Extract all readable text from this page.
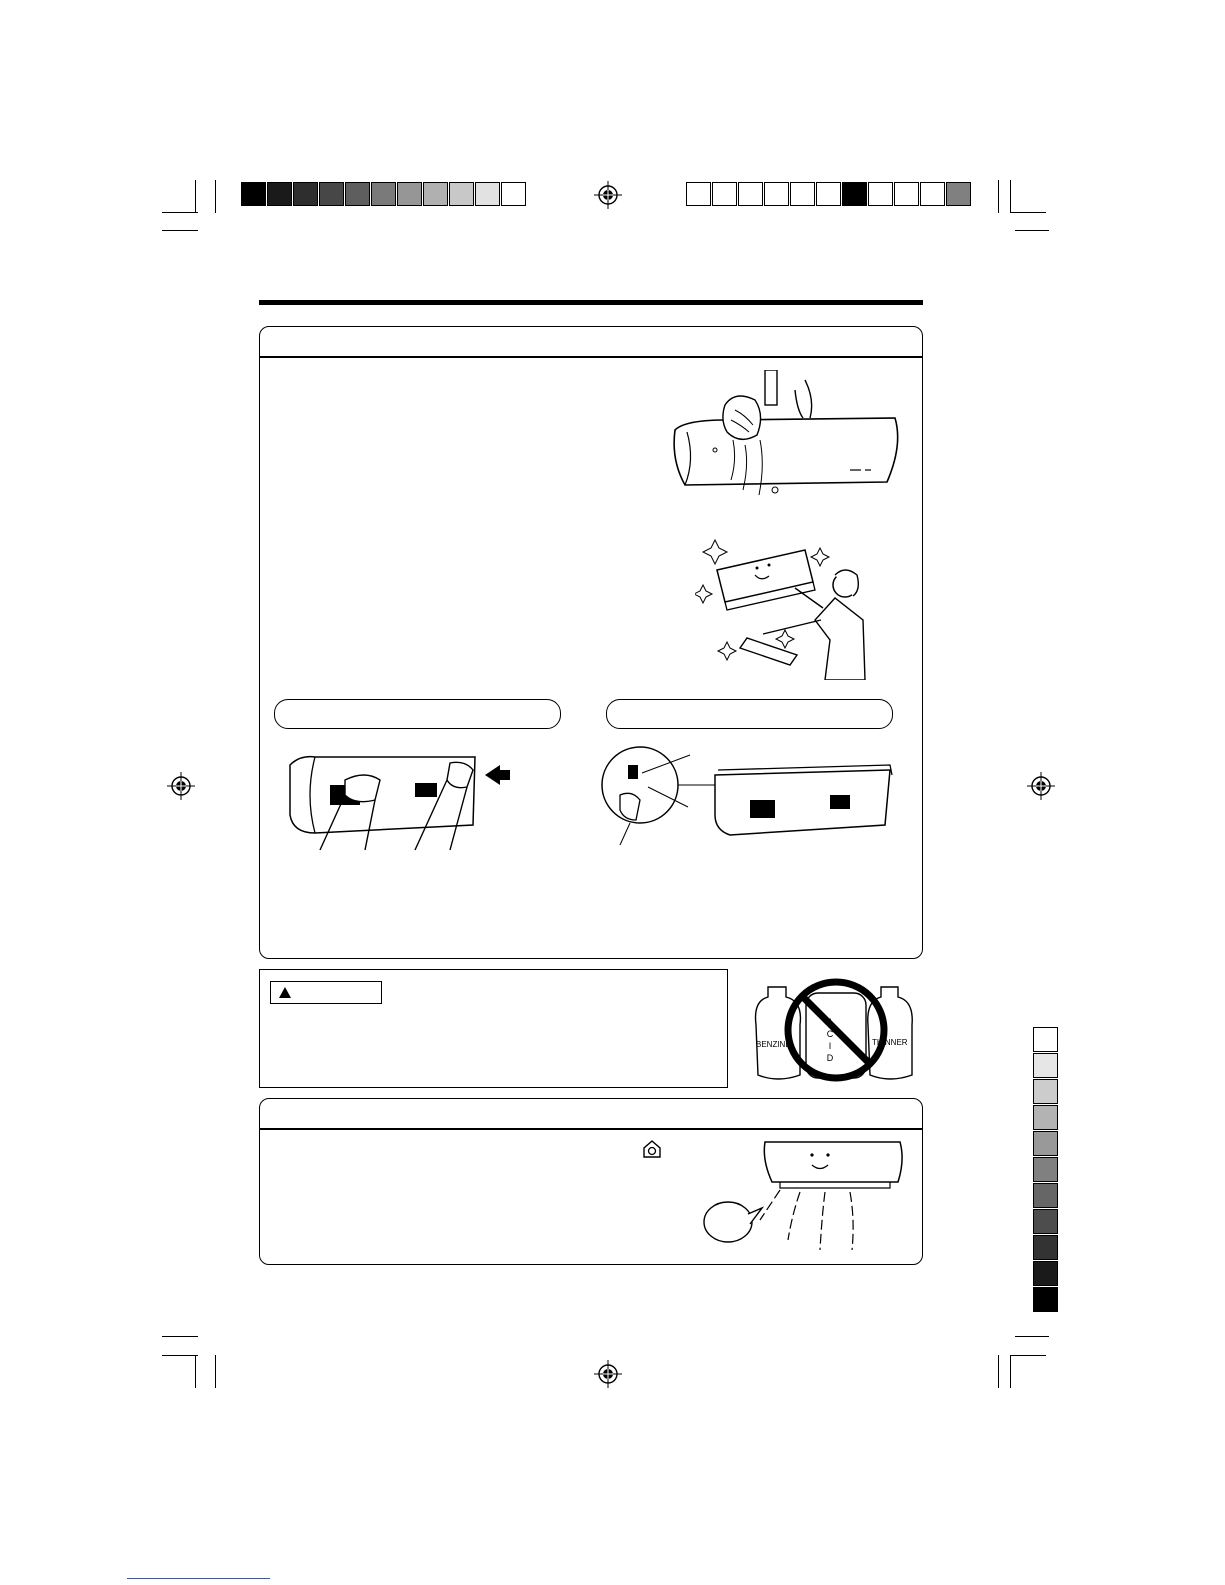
BENZINE	THINNER
C
I
D
